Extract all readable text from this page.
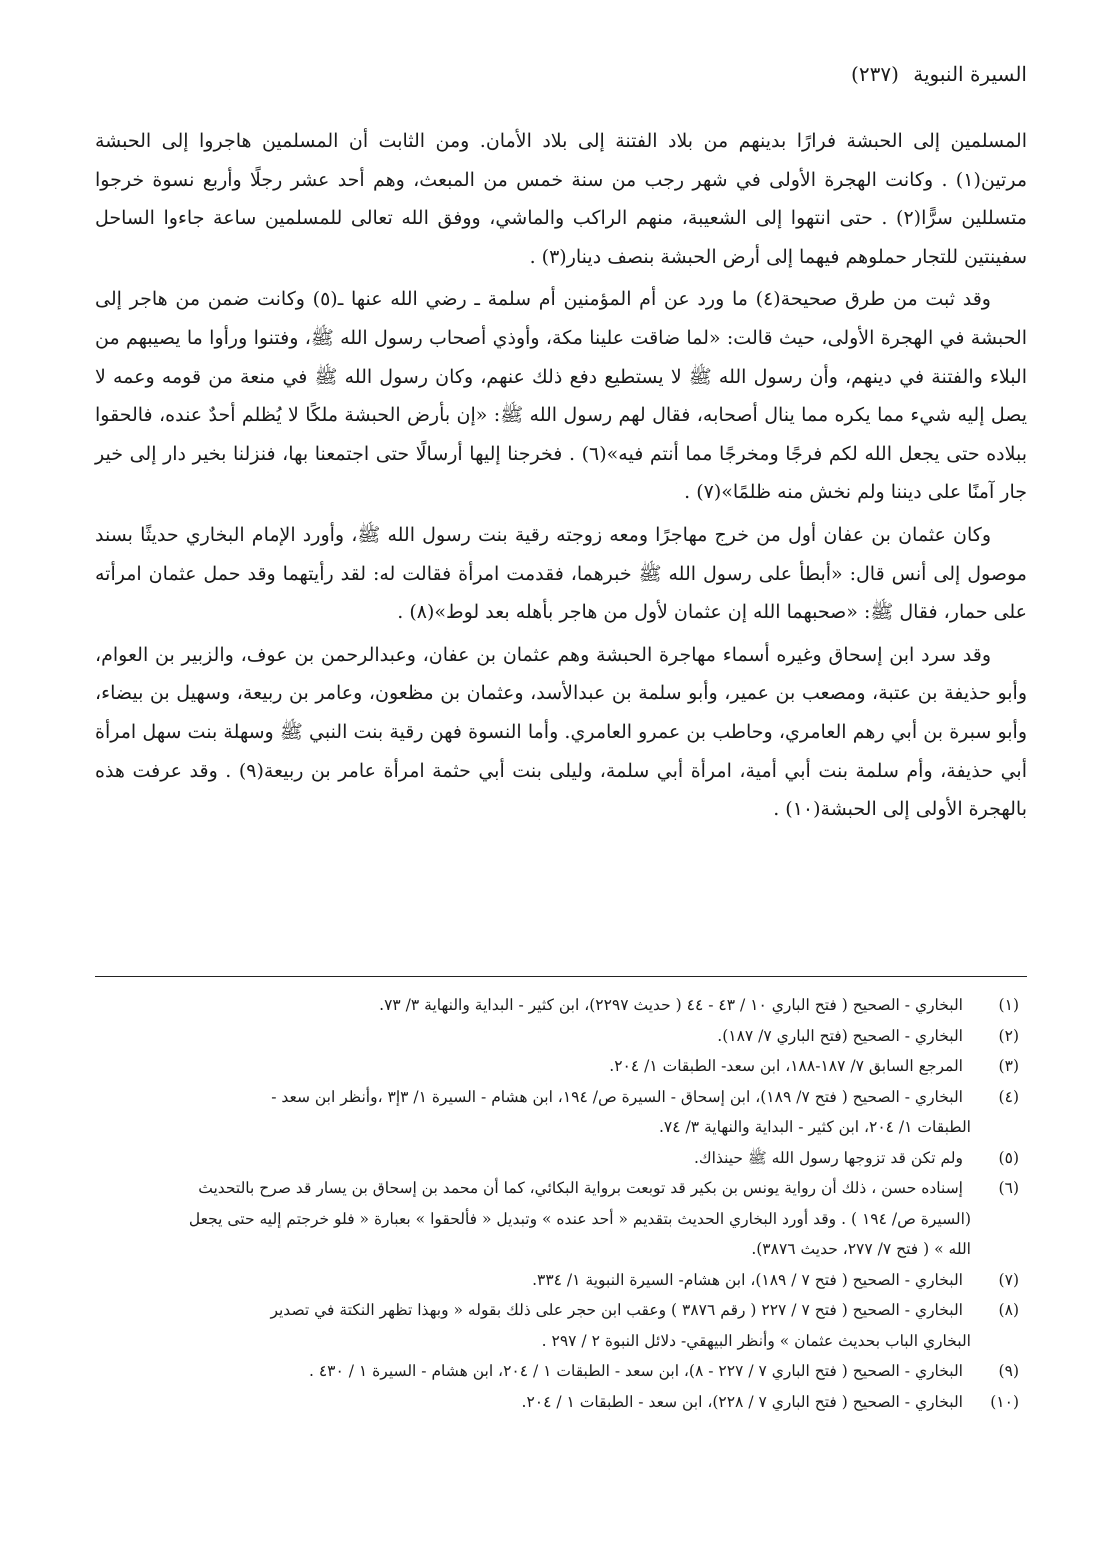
السيرة النبوية (٢٣٧)

المسلمين إلى الحبشة فرارًا بدينهم من بلاد الفتنة إلى بلاد الأمان. ومن الثابت أن المسلمين هاجروا إلى الحبشة مرتين(١) . وكانت الهجرة الأولى في شهر رجب من سنة خمس من المبعث، وهم أحد عشر رجلًا وأربع نسوة خرجوا متسللين سرًّا(٢) . حتى انتهوا إلى الشعيبة، منهم الراكب والماشي، ووفق الله تعالى للمسلمين ساعة جاءوا الساحل سفينتين للتجار حملوهم فيهما إلى أرض الحبشة بنصف دينار(٣) .

وقد ثبت من طرق صحيحة(٤) ما ورد عن أم المؤمنين أم سلمة ـ رضي الله عنها ـ(٥) وكانت ضمن من هاجر إلى الحبشة في الهجرة الأولى، حيث قالت: «لما ضاقت علينا مكة، وأوذي أصحاب رسول الله ﷺ، وفتنوا ورأوا ما يصيبهم من البلاء والفتنة في دينهم، وأن رسول الله ﷺ لا يستطيع دفع ذلك عنهم، وكان رسول الله ﷺ في منعة من قومه وعمه لا يصل إليه شيء مما يكره مما ينال أصحابه، فقال لهم رسول الله ﷺ: «إن بأرض الحبشة ملكًا لا يُظلم أحدٌ عنده، فالحقوا ببلاده حتى يجعل الله لكم فرجًا ومخرجًا مما أنتم فيه»(٦) . فخرجنا إليها أرسالًا حتى اجتمعنا بها، فنزلنا بخير دار إلى خير جار آمنًا على ديننا ولم نخش منه ظلمًا»(٧) .

وكان عثمان بن عفان أول من خرج مهاجرًا ومعه زوجته رقية بنت رسول الله ﷺ، وأورد الإمام البخاري حديثًا بسند موصول إلى أنس قال: «أبطأ على رسول الله ﷺ خبرهما، فقدمت امرأة فقالت له: لقد رأيتهما وقد حمل عثمان امرأته على حمار، فقال ﷺ: «صحبهما الله إن عثمان لأول من هاجر بأهله بعد لوط»(٨) .

وقد سرد ابن إسحاق وغيره أسماء مهاجرة الحبشة وهم عثمان بن عفان، وعبدالرحمن بن عوف، والزبير بن العوام، وأبو حذيفة بن عتبة، ومصعب بن عمير، وأبو سلمة بن عبدالأسد، وعثمان بن مظعون، وعامر بن ربيعة، وسهيل بن بيضاء، وأبو سبرة بن أبي رهم العامري، وحاطب بن عمرو العامري. وأما النسوة فهن رقية بنت النبي ﷺ وسهلة بنت سهل امرأة أبي حذيفة، وأم سلمة بنت أبي أمية، امرأة أبي سلمة، وليلى بنت أبي حثمة امرأة عامر بن ربيعة(٩) . وقد عرفت هذه بالهجرة الأولى إلى الحبشة(١٠) .

(١)
البخاري - الصحيح ( فتح الباري ١٠ / ٤٣ - ٤٤ ( حديث ٢٢٩٧)، ابن كثير - البداية والنهاية ٣/ ٧٣.
(٢)
البخاري - الصحيح (فتح الباري ٧/ ١٨٧).
(٣)
المرجع السابق ٧/ ١٨٧-١٨٨، ابن سعد- الطبقات ١/ ٢٠٤.
(٤)
البخاري - الصحيح ( فتح ٧/ ١٨٩)، ابن إسحاق - السيرة ص/ ١٩٤، ابن هشام - السيرة ١/ ٣إ٣ ،وأنظر ابن سعد -
الطبقات ١/ ٢٠٤، ابن كثير - البداية والنهاية ٣/ ٧٤.
(٥)
ولم تكن قد تزوجها رسول الله ﷺ حينذاك.
(٦)
إسناده حسن ، ذلك أن رواية يونس بن بكير قد توبعت برواية البكائي، كما أن محمد بن إسحاق بن يسار قد صرح بالتحديث
(السيرة ص/ ١٩٤ ) . وقد أورد البخاري الحديث بتقديم « أحد عنده » وتبديل « فألحقوا » بعبارة « فلو خرجتم إليه حتى يجعل
الله » ( فتح ٧/ ٢٧٧، حديث ٣٨٧٦).
(٧)
البخاري - الصحيح ( فتح ٧ / ١٨٩)، ابن هشام- السيرة النبوية ١/ ٣٣٤.
(٨)
البخاري - الصحيح ( فتح ٧ / ٢٢٧ ( رقم ٣٨٧٦ ) وعقب ابن حجر على ذلك بقوله « وبهذا تظهر النكتة في تصدير
البخاري الباب بحديث عثمان » وأنظر البيهقي- دلائل النبوة ٢ / ٢٩٧ .
(٩)
البخاري - الصحيح ( فتح الباري ٧ / ٢٢٧ - ٨)، ابن سعد - الطبقات ١ / ٢٠٤، ابن هشام - السيرة ١ / ٤٣٠ .
(١٠)
البخاري - الصحيح ( فتح الباري ٧ / ٢٢٨)، ابن سعد - الطبقات ١ / ٢٠٤.
